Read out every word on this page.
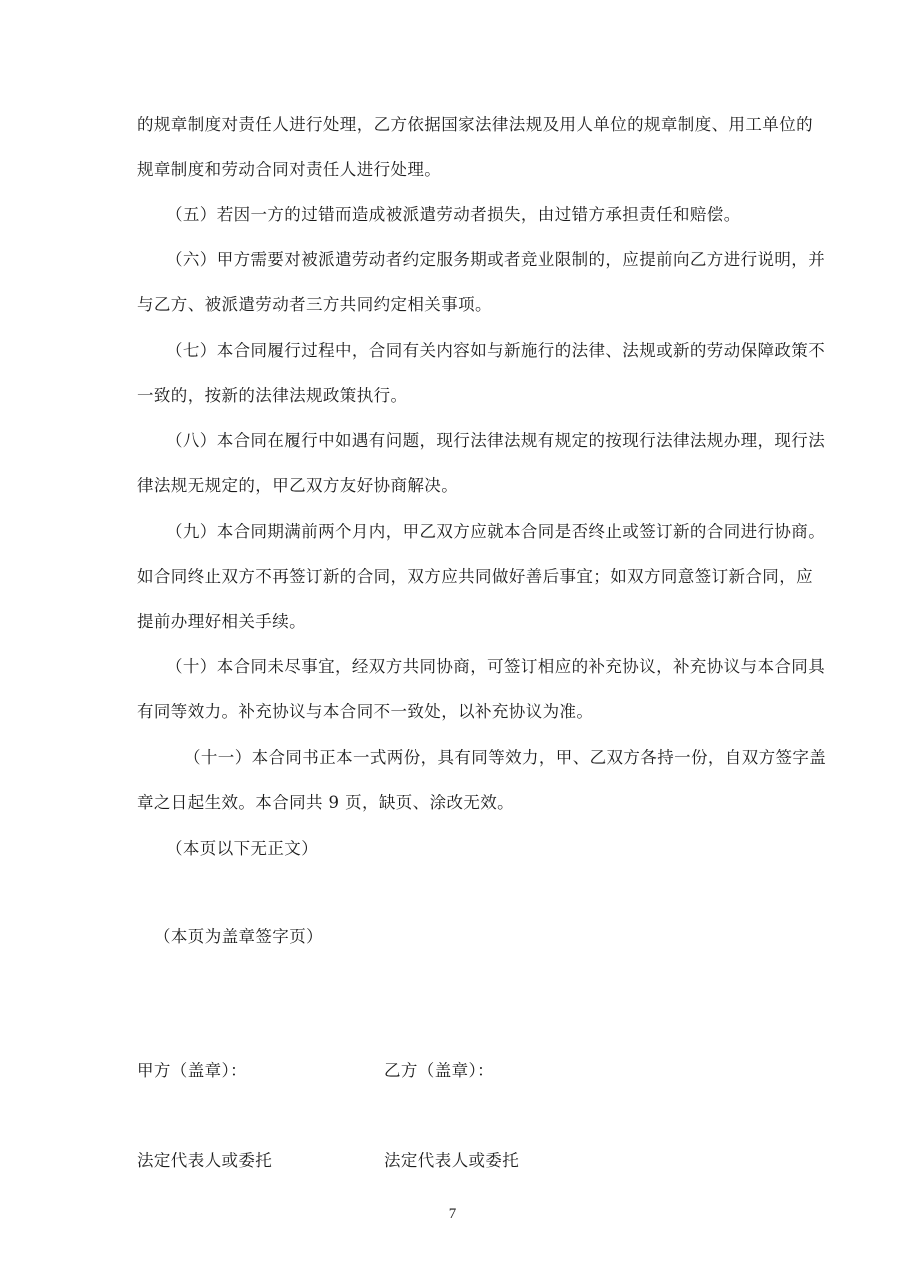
的规章制度对责任人进行处理，乙方依据国家法律法规及用人单位的规章制度、用工单位的

规章制度和劳动合同对责任人进行处理。

（五）若因一方的过错而造成被派遣劳动者损失，由过错方承担责任和赔偿。

（六）甲方需要对被派遣劳动者约定服务期或者竞业限制的，应提前向乙方进行说明，并

与乙方、被派遣劳动者三方共同约定相关事项。

（七）本合同履行过程中，合同有关内容如与新施行的法律、法规或新的劳动保障政策不

一致的，按新的法律法规政策执行。

（八）本合同在履行中如遇有问题，现行法律法规有规定的按现行法律法规办理，现行法

律法规无规定的，甲乙双方友好协商解决。

（九）本合同期满前两个月内，甲乙双方应就本合同是否终止或签订新的合同进行协商。

如合同终止双方不再签订新的合同，双方应共同做好善后事宜；如双方同意签订新合同，应

提前办理好相关手续。

（十）本合同未尽事宜，经双方共同协商，可签订相应的补充协议，补充协议与本合同具

有同等效力。补充协议与本合同不一致处，以补充协议为准。

（十一）本合同书正本一式两份，具有同等效力，甲、乙双方各持一份，自双方签字盖

章之日起生效。本合同共 9 页，缺页、涂改无效。

（本页以下无正文）

（本页为盖章签字页）

甲方（盖章）：	乙方（盖章）：

法定代表人或委托	法定代表人或委托

7
